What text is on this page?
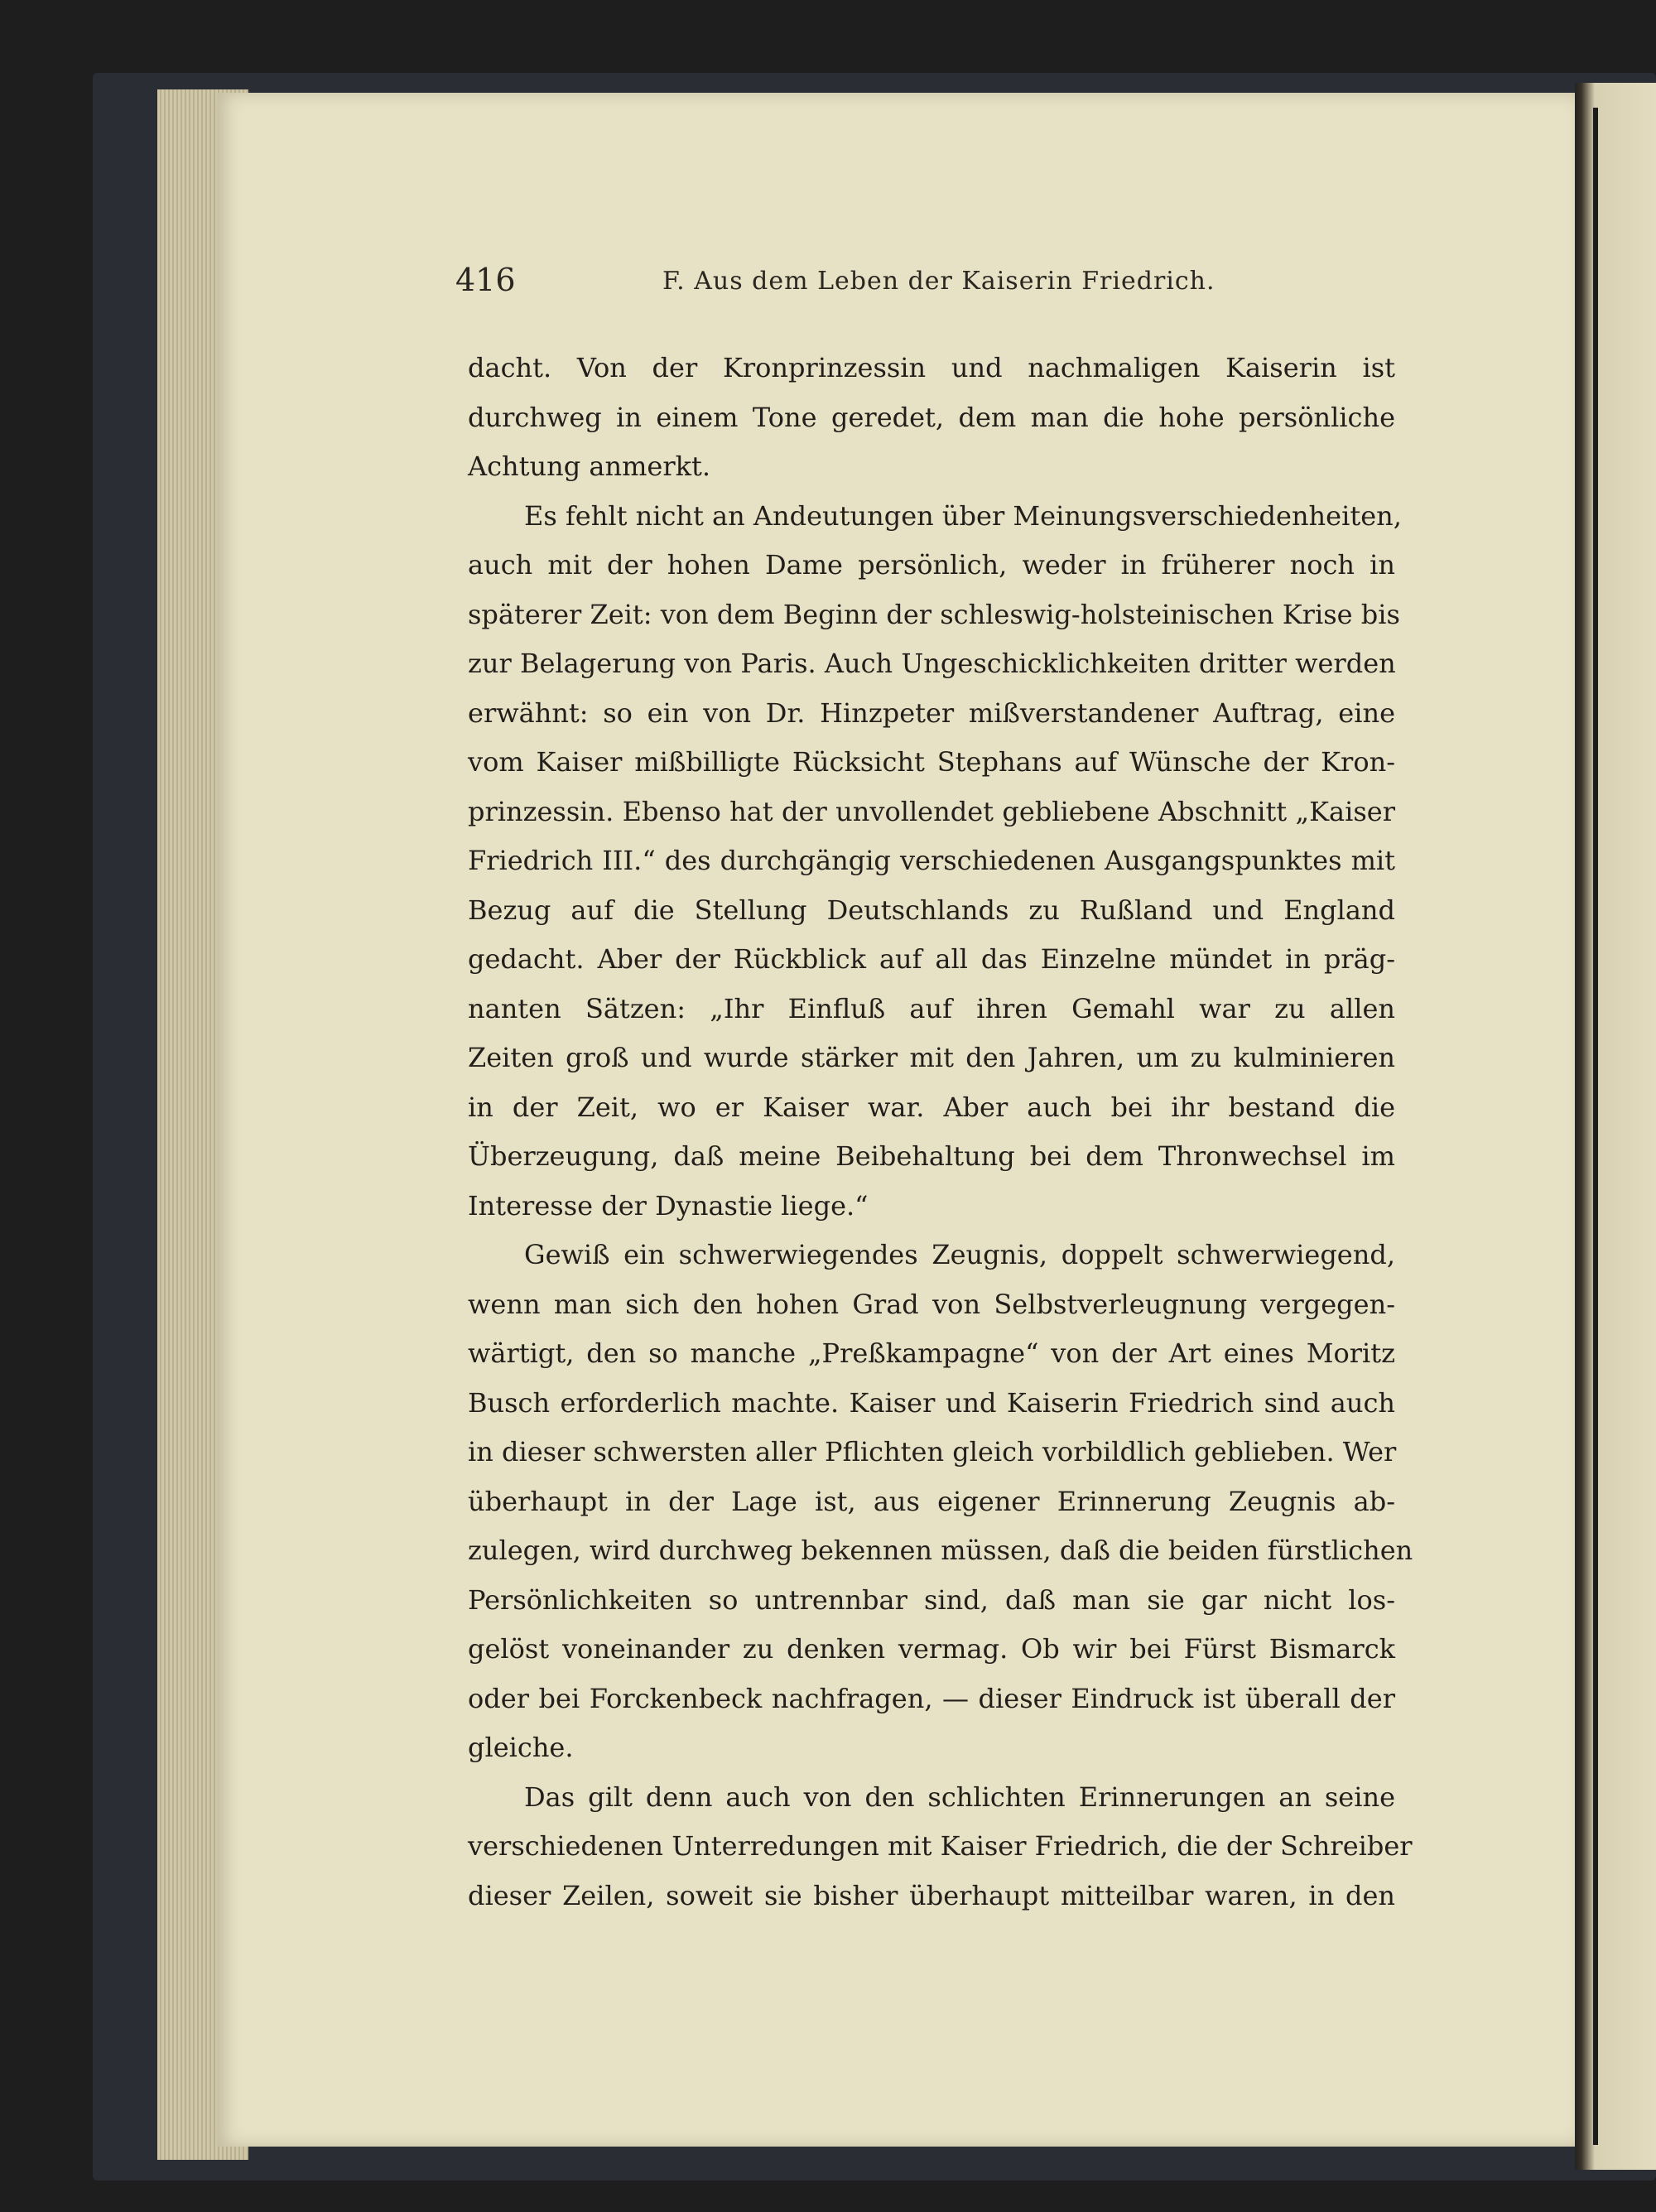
416	F. Aus dem Leben der Kaiserin Friedrich.
dacht. Von der Kronprinzessin und nachmaligen Kaiserin ist
durchweg in einem Tone geredet, dem man die hohe persönliche
Achtung anmerkt.
Es fehlt nicht an Andeutungen über Meinungsverschiedenheiten,
auch mit der hohen Dame persönlich, weder in früherer noch in
späterer Zeit: von dem Beginn der schleswig-holsteinischen Krise bis
zur Belagerung von Paris. Auch Ungeschicklichkeiten dritter werden
erwähnt: so ein von Dr. Hinzpeter mißverstandener Auftrag, eine
vom Kaiser mißbilligte Rücksicht Stephans auf Wünsche der Kron-
prinzessin. Ebenso hat der unvollendet gebliebene Abschnitt „Kaiser
Friedrich III.“ des durchgängig verschiedenen Ausgangspunktes mit
Bezug auf die Stellung Deutschlands zu Rußland und England
gedacht. Aber der Rückblick auf all das Einzelne mündet in präg-
nanten Sätzen: „Ihr Einfluß auf ihren Gemahl war zu allen
Zeiten groß und wurde stärker mit den Jahren, um zu kulminieren
in der Zeit, wo er Kaiser war. Aber auch bei ihr bestand die
Überzeugung, daß meine Beibehaltung bei dem Thronwechsel im
Interesse der Dynastie liege.“
Gewiß ein schwerwiegendes Zeugnis, doppelt schwerwiegend,
wenn man sich den hohen Grad von Selbstverleugnung vergegen-
wärtigt, den so manche „Preßkampagne“ von der Art eines Moritz
Busch erforderlich machte. Kaiser und Kaiserin Friedrich sind auch
in dieser schwersten aller Pflichten gleich vorbildlich geblieben. Wer
überhaupt in der Lage ist, aus eigener Erinnerung Zeugnis ab-
zulegen, wird durchweg bekennen müssen, daß die beiden fürstlichen
Persönlichkeiten so untrennbar sind, daß man sie gar nicht los-
gelöst voneinander zu denken vermag. Ob wir bei Fürst Bismarck
oder bei Forckenbeck nachfragen, — dieser Eindruck ist überall der
gleiche.
Das gilt denn auch von den schlichten Erinnerungen an seine
verschiedenen Unterredungen mit Kaiser Friedrich, die der Schreiber
dieser Zeilen, soweit sie bisher überhaupt mitteilbar waren, in den
